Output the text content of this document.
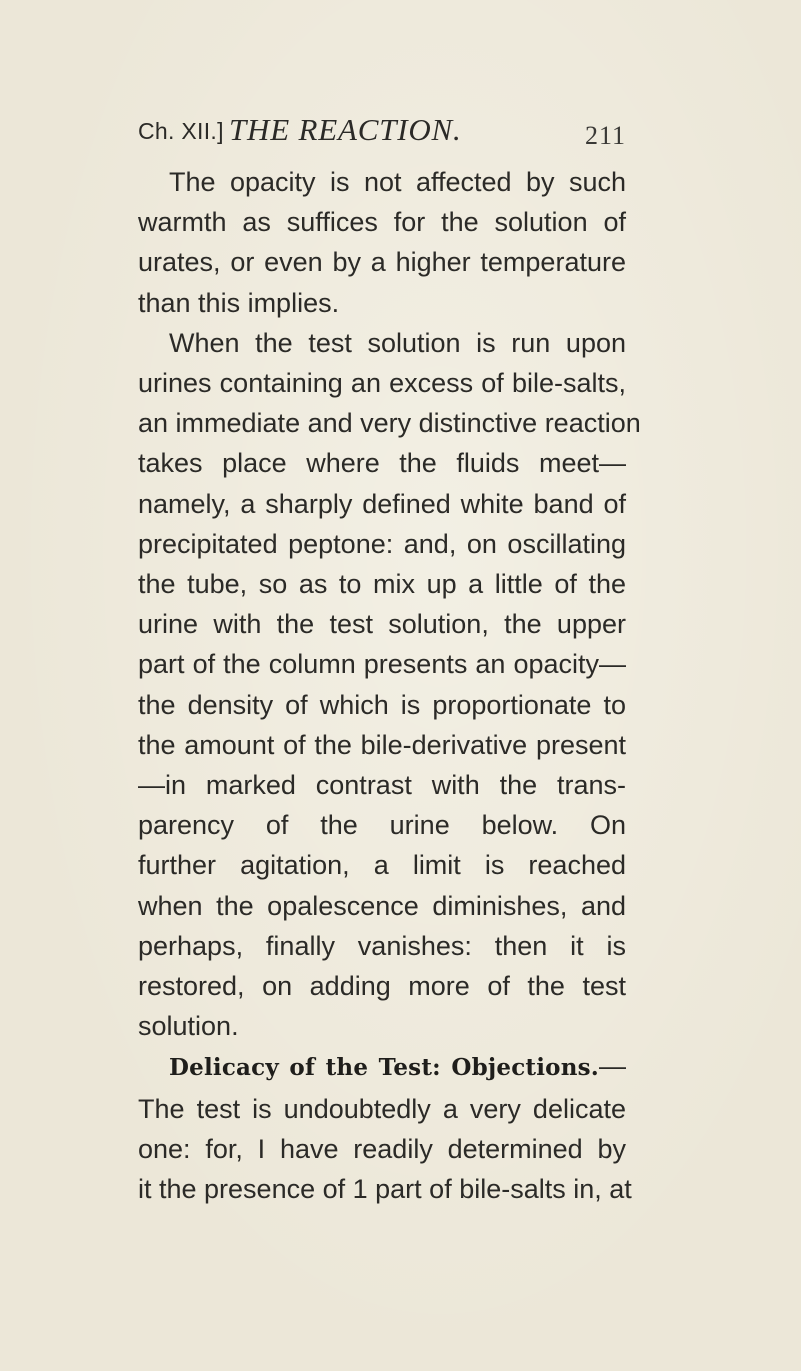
Ch. XII.] THE REACTION.	211

The opacity is not affected by such
warmth as suffices for the solution of
urates, or even by a higher temperature
than this implies.

When the test solution is run upon
urines containing an excess of bile-salts,
an immediate and very distinctive reaction
takes place where the fluids meet—
namely, a sharply defined white band of
precipitated peptone: and, on oscillating
the tube, so as to mix up a little of the
urine with the test solution, the upper
part of the column presents an opacity—
the density of which is proportionate to
the amount of the bile-derivative present
—in marked contrast with the trans-
parency of the urine below. On
further agitation, a limit is reached
when the opalescence diminishes, and
perhaps, finally vanishes: then it is
restored, on adding more of the test
solution.

Delicacy of the Test: Objections.—
The test is undoubtedly a very delicate
one: for, I have readily determined by
it the presence of 1 part of bile-salts in, at
